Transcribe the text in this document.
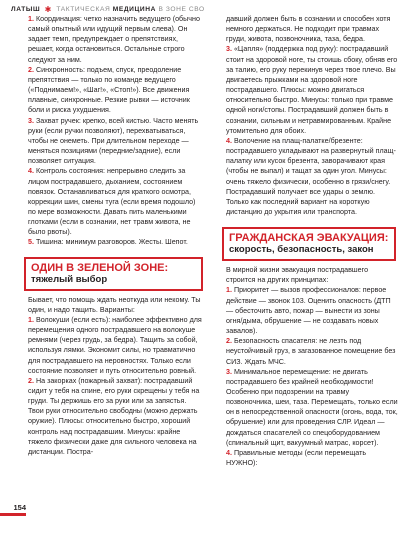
ЛАТЫШ ✱ ТАКТИЧЕСКАЯ МЕДИЦИНА В ЗОНЕ СВО

1. Координация: четко назначить ведущего (обычно самый опытный или идущий первым слева). Он задает темп, предупреждает о препятствиях, решает, когда остановиться. Остальные строго следуют за ним.

2. Синхронность: подъем, спуск, преодоление препятствия — только по команде ведущего («Поднимаем!», «Шаг!», «Стоп!»). Все движения плавные, синхронные. Резкие рывки — источник боли и риска ухудшения.

3. Захват ручек: крепко, всей кистью. Часто менять руки (если ручки позволяют), перехватываться, чтобы не онеметь. При длительном переходе — меняться позициями (передние/задние), если позволяет ситуация.

4. Контроль состояния: непрерывно следить за лицом пострадавшего, дыханием, состоянием повязок. Останавливаться для краткого осмотра, коррекции шин, смены туга (если время подошло) по мере возможности. Давать пить маленькими глотками (если в сознании, нет травм живота, не было рвоты).

5. Тишина: минимум разговоров. Жесты. Шепот.

ОДИН В ЗЕЛЕНОЙ ЗОНЕ:
тяжелый выбор

Бывает, что помощь ждать неоткуда или некому. Ты один, и надо тащить. Варианты:

1. Волокуши (если есть): наиболее эффективно для перемещения одного пострадавшего на волокуше ремнями (через грудь, за бедра). Тащить за собой, используя лямки. Экономит силы, но травматично для пострадавшего на неровностях. Только если состояние позволяет и путь относительно ровный.

2. На закорках (пожарный захват): пострадавший сидит у тебя на спине, его руки скрещены у тебя на груди. Ты держишь его за руки или за запястья. Твои руки относительно свободны (можно держать оружие). Плюсы: относительно быстро, хороший контроль над пострадавшим. Минусы: крайне тяжело физически даже для сильного человека на дистанции. Постра-

давший должен быть в сознании и способен хотя немного держаться. Не подходит при травмах груди, живота, позвоночника, таза, бедра.

3. «Цапля» (поддержка под руку): пострадавший стоит на здоровой ноге, ты стоишь сбоку, обняв его за талию, его руку перекинув через твое плечо. Вы двигаетесь прыжками на здоровой ноге пострадавшего. Плюсы: можно двигаться относительно быстро. Минусы: только при травме одной ноги/стопы. Пострадавший должен быть в сознании, сильным и нетравмированным. Крайне утомительно для обоих.

4. Волочение на плащ-палатке/брезенте: пострадавшего укладывают на развернутый плащ-палатку или кусок брезента, заворачивают края (чтобы не выпал) и тащат за один угол. Минусы: очень тяжело физически, особенно в грязи/снегу. Пострадавший получает все удары о землю. Только как последний вариант на короткую дистанцию до укрытия или транспорта.

ГРАЖДАНСКАЯ ЭВАКУАЦИЯ:
скорость, безопасность, закон

В мирной жизни эвакуация пострадавшего строится на других принципах:

1. Приоритет — вызов профессионалов: первое действие — звонок 103. Оценить опасность (ДТП — обесточить авто, пожар — вынести из зоны огня/дыма, обрушение — не создавать новых завалов).

2. Безопасность спасателя: не лезть под неустойчивый груз, в загазованное помещение без СИЗ. Ждать МЧС.

3. Минимальное перемещение: не двигать пострадавшего без крайней необходимости! Особенно при подозрении на травму позвоночника, шеи, таза. Перемещать, только если он в непосредственной опасности (огонь, вода, ток, обрушение) или для проведения СЛР. Идеал — дождаться спасателей со спецоборудованием (спинальный щит, вакуумный матрас, корсет).

4. Правильные методы (если перемещать НУЖНО):

154
